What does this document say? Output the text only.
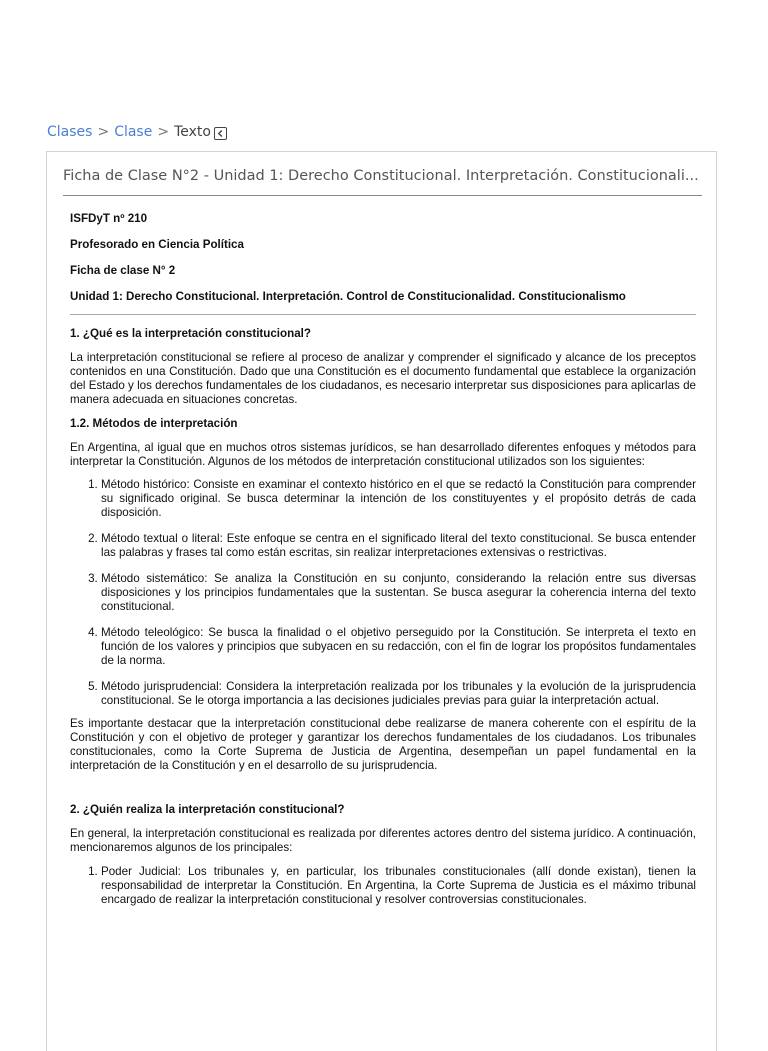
Clases > Clase > Texto
Ficha de Clase N°2 - Unidad 1: Derecho Constitucional. Interpretación. Constitucionali...

ISFDyT nº 210

Profesorado en Ciencia Política

Ficha de clase N° 2

Unidad 1: Derecho Constitucional. Interpretación. Control de Constitucionalidad. Constitucionalismo

1. ¿Qué es la interpretación constitucional?

La interpretación constitucional se refiere al proceso de analizar y comprender el significado y alcance de los preceptos contenidos en una Constitución. Dado que una Constitución es el documento fundamental que establece la organización del Estado y los derechos fundamentales de los ciudadanos, es necesario interpretar sus disposiciones para aplicarlas de manera adecuada en situaciones concretas.

1.2. Métodos de interpretación

En Argentina, al igual que en muchos otros sistemas jurídicos, se han desarrollado diferentes enfoques y métodos para interpretar la Constitución. Algunos de los métodos de interpretación constitucional utilizados son los siguientes:

1. Método histórico: Consiste en examinar el contexto histórico en el que se redactó la Constitución para comprender su significado original. Se busca determinar la intención de los constituyentes y el propósito detrás de cada disposición.
2. Método textual o literal: Este enfoque se centra en el significado literal del texto constitucional. Se busca entender las palabras y frases tal como están escritas, sin realizar interpretaciones extensivas o restrictivas.
3. Método sistemático: Se analiza la Constitución en su conjunto, considerando la relación entre sus diversas disposiciones y los principios fundamentales que la sustentan. Se busca asegurar la coherencia interna del texto constitucional.
4. Método teleológico: Se busca la finalidad o el objetivo perseguido por la Constitución. Se interpreta el texto en función de los valores y principios que subyacen en su redacción, con el fin de lograr los propósitos fundamentales de la norma.
5. Método jurisprudencial: Considera la interpretación realizada por los tribunales y la evolución de la jurisprudencia constitucional. Se le otorga importancia a las decisiones judiciales previas para guiar la interpretación actual.

Es importante destacar que la interpretación constitucional debe realizarse de manera coherente con el espíritu de la Constitución y con el objetivo de proteger y garantizar los derechos fundamentales de los ciudadanos. Los tribunales constitucionales, como la Corte Suprema de Justicia de Argentina, desempeñan un papel fundamental en la interpretación de la Constitución y en el desarrollo de su jurisprudencia.

2. ¿Quién realiza la interpretación constitucional?

En general, la interpretación constitucional es realizada por diferentes actores dentro del sistema jurídico. A continuación, mencionaremos algunos de los principales:

1. Poder Judicial: Los tribunales y, en particular, los tribunales constitucionales (allí donde existan), tienen la responsabilidad de interpretar la Constitución. En Argentina, la Corte Suprema de Justicia es el máximo tribunal encargado de realizar la interpretación constitucional y resolver controversias constitucionales.
